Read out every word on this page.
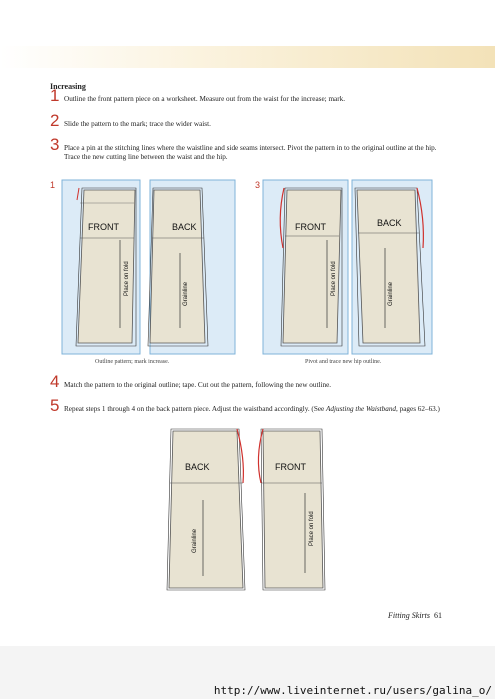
Increasing
1 Outline the front pattern piece on a worksheet. Measure out from the waist for the increase; mark.
2 Slide the pattern to the mark; trace the wider waist.
3 Place a pin at the stitching lines where the waistline and side seams intersect. Pivot the pattern in to the original outline at the hip. Trace the new cutting line between the waist and the hip.
1
FRONT
Place on fold
BACK
Grainline
Outline pattern; mark increase.
3
FRONT
Place on fold
BACK
Grainline
Pivot and trace new hip outline.
4 Match the pattern to the original outline; tape. Cut out the pattern, following the new outline.
5 Repeat steps 1 through 4 on the back pattern piece. Adjust the waistband accordingly. (See Adjusting the Waistband, pages 62–63.)
BACK
Grainline
FRONT
Place on fold
Fitting Skirts 61
http://www.liveinternet.ru/users/galina_o/
